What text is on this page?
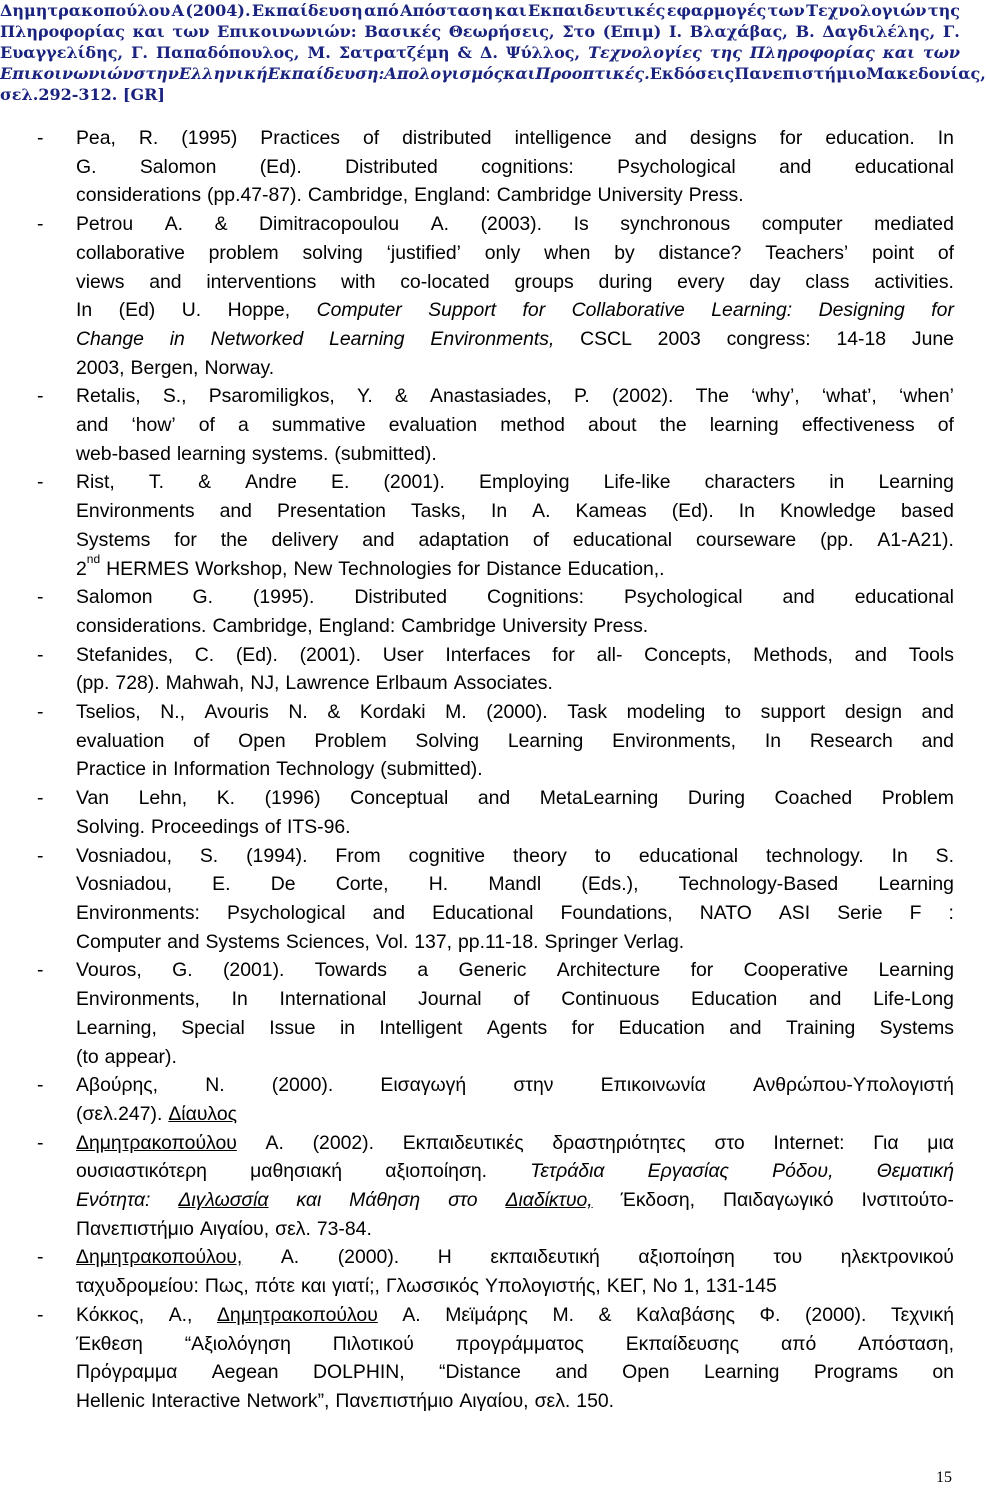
Δημητρακοπούλου Α (2004). Εκπαίδευση από Απόσταση και Εκπαιδευτικές εφαρμογές των Τεχνολογιών της
Πληροφορίας και των Επικοινωνιών: Βασικές Θεωρήσεις, Στο (Επιμ) Ι. Βλαχάβας, Β. Δαγδιλέλης, Γ.
Ευαγγελίδης, Γ. Παπαδόπουλος, Μ. Σατρατζέμη & Δ. Ψύλλος, Τεχνολογίες της Πληροφορίας και των
Επικοινωνιών στην Ελληνική Εκπαίδευση: Απολογισμός και Προοπτικές. Εκδόσεις Πανεπιστήμιο Μακεδονίας,
σελ.292-312. [GR]
- Pea, R. (1995) Practices of distributed intelligence and designs for education. In
G. Salomon (Ed). Distributed cognitions: Psychological and educational
considerations (pp.47-87). Cambridge, England: Cambridge University Press.
- Petrou A. & Dimitracopoulou A. (2003). Is synchronous computer mediated
collaborative problem solving ‘justified’ only when by distance? Teachers’ point of
views and interventions with co-located groups during every day class activities.
In (Ed) U. Hoppe, Computer Support for Collaborative Learning: Designing for
Change in Networked Learning Environments, CSCL 2003 congress: 14-18 June
2003, Bergen, Norway.
- Retalis, S., Psaromiligkos, Y. & Anastasiades, P. (2002). The ‘why’, ‘what’, ‘when’
and ‘how’ of a summative evaluation method about the learning effectiveness of
web-based learning systems. (submitted).
- Rist, T. & Andre E. (2001). Employing Life-like characters in Learning
Environments and Presentation Tasks, In A. Kameas (Ed). In Knowledge based
Systems for the delivery and adaptation of educational courseware (pp. A1-A21).
2nd HERMES Workshop, New Technologies for Distance Education,.
- Salomon G. (1995). Distributed Cognitions: Psychological and educational
considerations. Cambridge, England: Cambridge University Press.
- Stefanides, C. (Ed). (2001). User Interfaces for all- Concepts, Methods, and Tools
(pp. 728). Mahwah, NJ, Lawrence Erlbaum Associates.
- Tselios, N., Avouris N. & Kordaki M. (2000). Task modeling to support design and
evaluation of Open Problem Solving Learning Environments, In Research and
Practice in Information Technology (submitted).
- Van Lehn, K. (1996) Conceptual and MetaLearning During Coached Problem
Solving. Proceedings of ITS-96.
- Vosniadou, S. (1994). From cognitive theory to educational technology. In S.
Vosniadou, E. De Corte, H. Mandl (Eds.), Technology-Based Learning
Environments: Psychological and Educational Foundations, NATO ASI Serie F :
Computer and Systems Sciences, Vol. 137, pp.11-18. Springer Verlag.
- Vouros, G. (2001). Towards a Generic Architecture for Cooperative Learning
Environments, In International Journal of Continuous Education and Life-Long
Learning, Special Issue in Intelligent Agents for Education and Training Systems
(to appear).
- Αβούρης, Ν. (2000). Εισαγωγή στην Επικοινωνία Ανθρώπου-Υπολογιστή
(σελ.247). Δίαυλος
- Δημητρακοπούλου Α. (2002). Εκπαιδευτικές δραστηριότητες στο Internet: Για μια
ουσιαστικότερη μαθησιακή αξιοποίηση. Τετράδια Εργασίας Ρόδου, Θεματική
Ενότητα: Διγλωσσία και Μάθηση στο Διαδίκτυο, Έκδοση, Παιδαγωγικό Ινστιτούτο-
Πανεπιστήμιο Αιγαίου, σελ. 73-84.
- Δημητρακοπούλου, Α. (2000). Η εκπαιδευτική αξιοποίηση του ηλεκτρονικού
ταχυδρομείου: Πως, πότε και γιατί;, Γλωσσικός Υπολογιστής, ΚΕΓ, Νο 1, 131-145
- Κόκκος, Α., Δημητρακοπούλου Α. Μεϊμάρης Μ. & Καλαβάσης Φ. (2000). Τεχνική
Έκθεση “Αξιολόγηση Πιλοτικού προγράμματος Εκπαίδευσης από Απόσταση,
Πρόγραμμα Aegean DOLPHIN, “Distance and Open Learning Programs on
Hellenic Interactive Network”, Πανεπιστήμιο Αιγαίου, σελ. 150.
15
